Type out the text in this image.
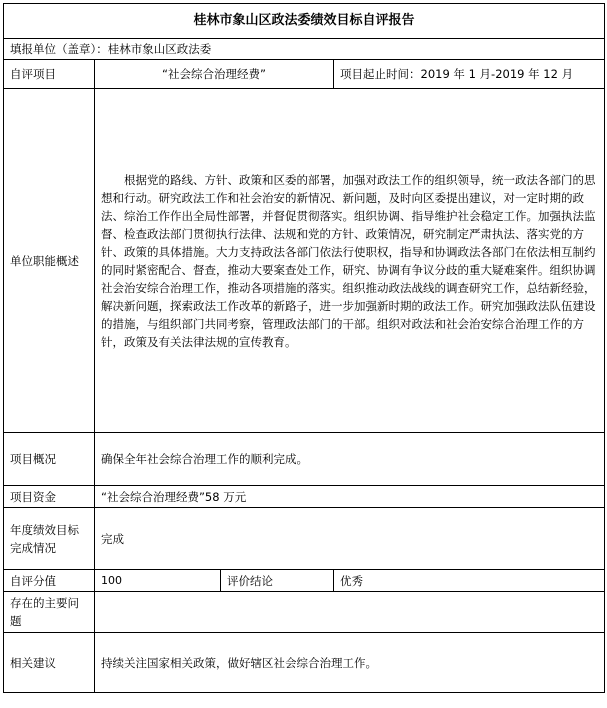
桂林市象山区政法委绩效目标自评报告			
填报单位（盖章）：桂林市象山区政法委			
自评项目	“社会综合治理经费”		项目起止时间：2019 年 1 月-2019 年 12 月
单位职能概述	根据党的路线、方针、政策和区委的部署，加强对政法工作的组织领导，统一政法各部门的思想和行动。研究政法工作和社会治安的新情况、新问题，及时向区委提出建议，对一定时期的政法、综治工作作出全局性部署，并督促贯彻落实。组织协调、指导维护社会稳定工作。加强执法监督、检查政法部门贯彻执行法律、法规和党的方针、政策情况，研究制定严肃执法、落实党的方针、政策的具体措施。大力支持政法各部门依法行使职权，指导和协调政法各部门在依法相互制约的同时紧密配合、督查，推动大要案查处工作，研究、协调有争议分歧的重大疑难案件。组织协调社会治安综合治理工作，推动各项措施的落实。组织推动政法战线的调查研究工作，总结新经验，解决新问题，探索政法工作改革的新路子，进一步加强新时期的政法工作。研究加强政法队伍建设的措施，与组织部门共同考察，管理政法部门的干部。组织对政法和社会治安综合治理工作的方针，政策及有关法律法规的宣传教育。		
项目概况	确保全年社会综合治理工作的顺利完成。		
项目资金	“社会综合治理经费”58 万元		
年度绩效目标完成情况	完成		
自评分值	100	评价结论	优秀
存在的主要问题			
相关建议	持续关注国家相关政策，做好辖区社会综合治理工作。		
